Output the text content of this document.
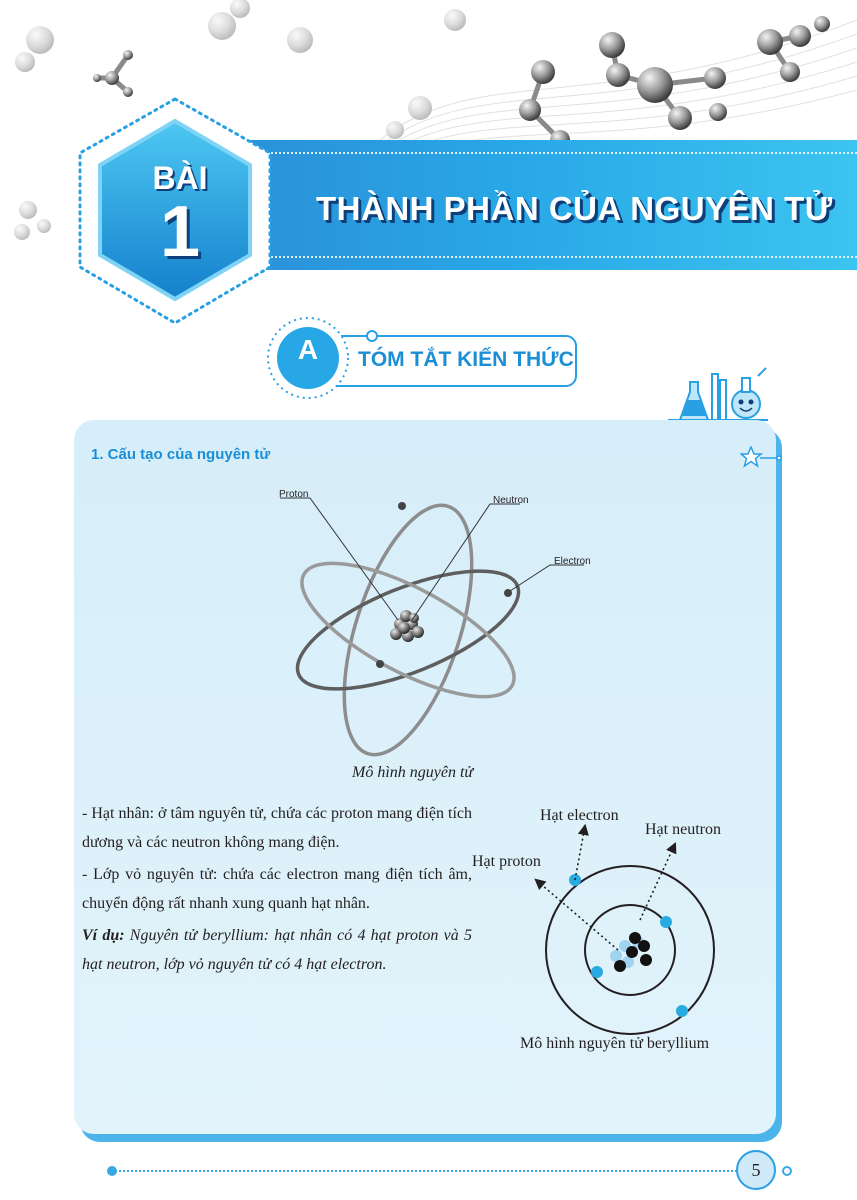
THÀNH PHẦN CỦA NGUYÊN TỬ
BÀI
1
A	TÓM TẮT KIẾN THỨC
1. Cấu tạo của nguyên tử
Proton
Neutron
Electron
Mô hình nguyên tử

- Hạt nhân: ở tâm nguyên tử, chứa các proton mang điện tích dương và các neutron không mang điện.

- Lớp vỏ nguyên tử: chứa các electron mang điện tích âm, chuyển động rất nhanh xung quanh hạt nhân.

Ví dụ: Nguyên tử beryllium: hạt nhân có 4 hạt proton và 5 hạt neutron, lớp vỏ nguyên tử có 4 hạt electron.

Hạt electron
Hạt neutron
Hạt proton
Mô hình nguyên tử beryllium
5
